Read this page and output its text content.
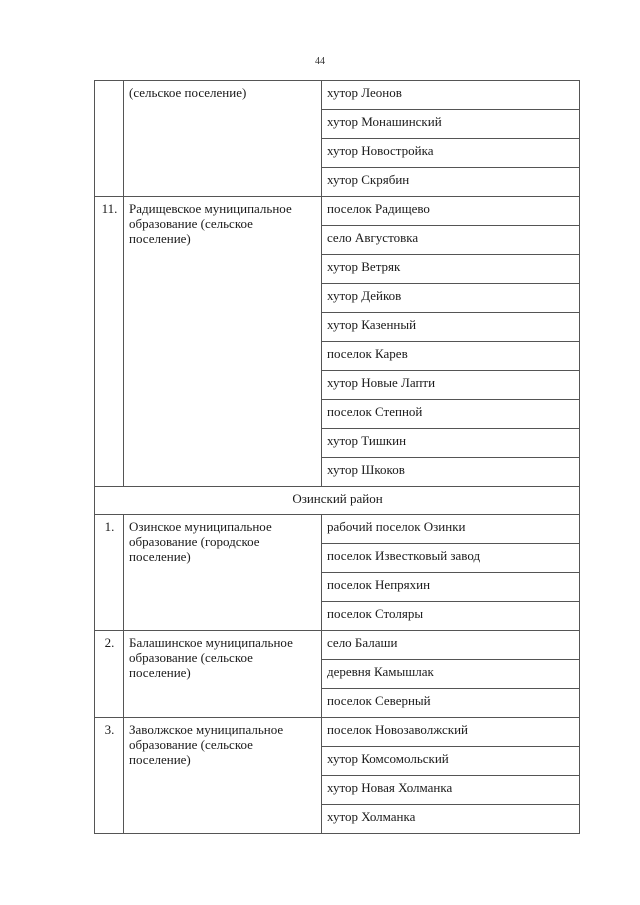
44
	(сельское поселение)	хутор Леонов
		хутор Монашинский
		хутор Новостройка
		хутор Скрябин
11.	Радищевское муниципальное образование (сельское поселение)	поселок Радищево
		село Августовка
		хутор Ветряк
		хутор Дейков
		хутор Казенный
		поселок Карев
		хутор Новые Лапти
		поселок Степной
		хутор Тишкин
		хутор Шкоков
Озинский район		
1.	Озинское муниципальное образование (городское поселение)	рабочий поселок Озинки
		поселок Известковый завод
		поселок Непряхин
		поселок Столяры
2.	Балашинское муниципальное образование (сельское поселение)	село Балаши
		деревня Камышлак
		поселок Северный
3.	Заволжское муниципальное образование (сельское поселение)	поселок Новозаволжский
		хутор Комсомольский
		хутор Новая Холманка
		хутор Холманка
